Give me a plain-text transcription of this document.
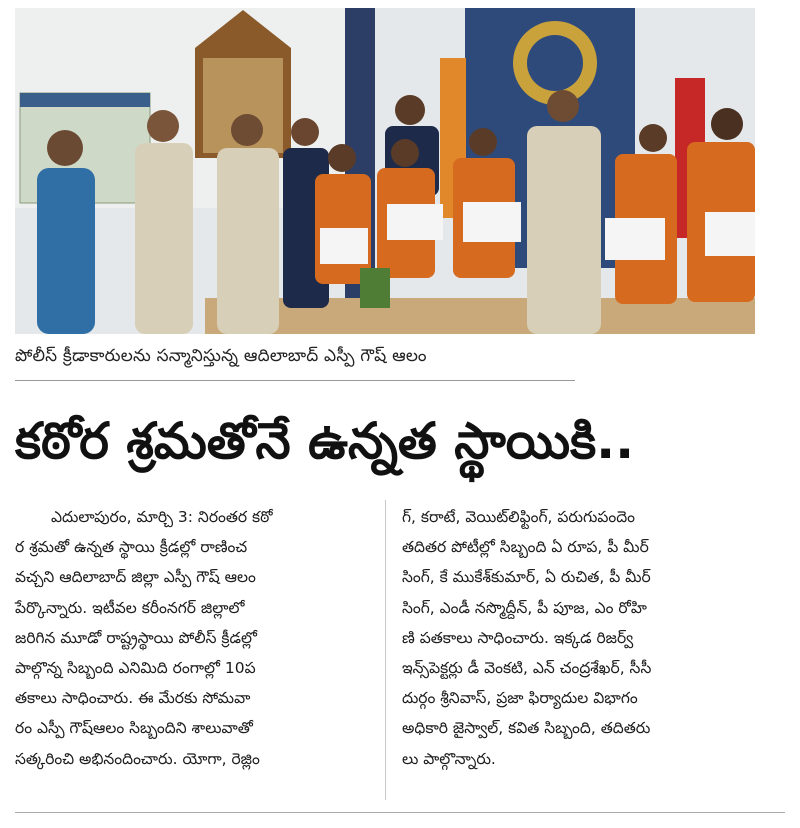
పోలీస్ క్రీడాకారులను సన్మానిస్తున్న ఆదిలాబాద్ ఎస్పీ గౌష్ ఆలం
కఠోర శ్రమతోనే ఉన్నత స్థాయికి..

ఎదులాపురం, మార్చి 3: నిరంతర కఠో

ర శ్రమతో ఉన్నత స్థాయి క్రీడల్లో రాణించ

వచ్చని ఆదిలాబాద్ జిల్లా ఎస్పీ గౌష్ ఆలం

పేర్కొన్నారు. ఇటీవల కరీంనగర్ జిల్లాలో

జరిగిన మూడో రాష్ట్రస్థాయి పోలీస్ క్రీడల్లో

పాల్గొన్న సిబ్బంది ఎనిమిది రంగాల్లో 10ప

తకాలు సాధించారు. ఈ మేరకు సోమవా

రం ఎస్పీ గౌష్ఆలం సిబ్బందిని శాలువాతో

సత్కరించి అభినందించారు. యోగా, రెజ్లిం

గ్, కరాటే, వెయిట్‌లిఫ్టింగ్, పరుగుపందెం

తదితర పోటీల్లో సిబ్బంది ఏ రూప, పీ మీర్

సింగ్, కే ముకేశ్‌కుమార్, ఏ రుచిత, పీ మీర్

సింగ్, ఎండీ నస్మొద్దీన్, పీ పూజ, ఎం రోహి

ణి పతకాలు సాధించారు. ఇక్కడ రిజర్వ్

ఇన్స్‌పెక్టర్లు డీ వెంకటి, ఎన్ చంద్రశేఖర్, సీసీ

దుర్గం శ్రీనివాస్, ప్రజా ఫిర్యాదుల విభాగం

అధికారి జైస్వాల్, కవిత సిబ్బంది, తదితరు

లు పాల్గొన్నారు.
